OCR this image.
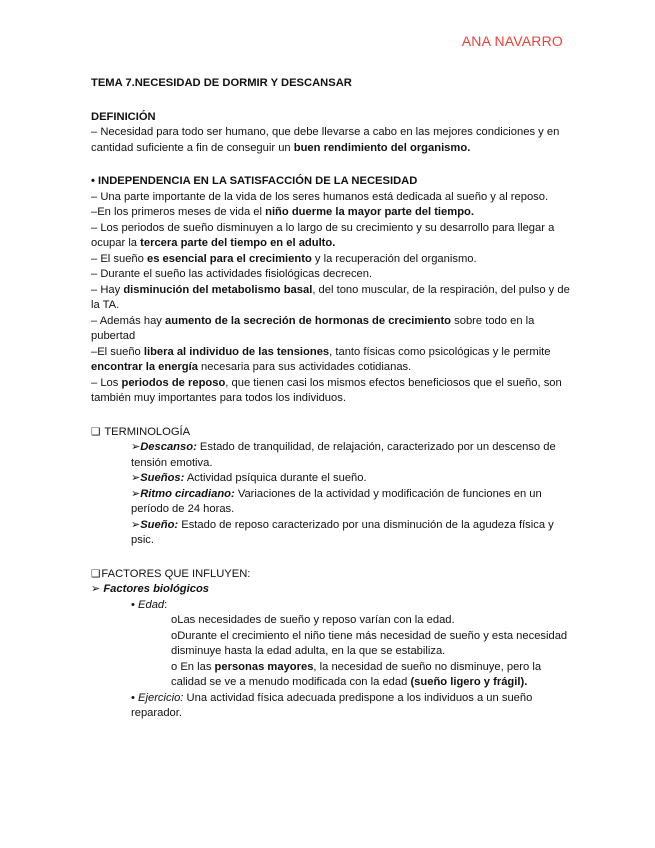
ANA NAVARRO

TEMA 7.NECESIDAD DE DORMIR Y DESCANSAR

DEFINICIÓN

– Necesidad para todo ser humano, que debe llevarse a cabo en las mejores condiciones y en cantidad suficiente a fin de conseguir un buen rendimiento del organismo.

• INDEPENDENCIA EN LA SATISFACCIÓN DE LA NECESIDAD

– Una parte importante de la vida de los seres humanos está dedicada al sueño y al reposo.

–En los primeros meses de vida el niño duerme la mayor parte del tiempo.

– Los periodos de sueño disminuyen a lo largo de su crecimiento y su desarrollo para llegar a ocupar la tercera parte del tiempo en el adulto.

– El sueño es esencial para el crecimiento y la recuperación del organismo.

– Durante el sueño las actividades fisiológicas decrecen.

– Hay disminución del metabolismo basal, del tono muscular, de la respiración, del pulso y de la TA.

– Además hay aumento de la secreción de hormonas de crecimiento sobre todo en la pubertad

–El sueño libera al individuo de las tensiones, tanto físicas como psicológicas y le permite encontrar la energía necesaria para sus actividades cotidianas.

– Los periodos de reposo, que tienen casi los mismos efectos beneficiosos que el sueño, son también muy importantes para todos los individuos.

❑ TERMINOLOGÍA

➢Descanso: Estado de tranquilidad, de relajación, caracterizado por un descenso de tensión emotiva.

➢Sueños: Actividad psíquica durante el sueño.

➢Ritmo circadiano: Variaciones de la actividad y modificación de funciones en un período de 24 horas.

➢Sueño: Estado de reposo caracterizado por una disminución de la agudeza física y psic.

❑FACTORES QUE INFLUYEN:

➢ Factores biológicos

• Edad:

oLas necesidades de sueño y reposo varían con la edad.

oDurante el crecimiento el niño tiene más necesidad de sueño y esta necesidad disminuye hasta la edad adulta, en la que se estabiliza.

o En las personas mayores, la necesidad de sueño no disminuye, pero la calidad se ve a menudo modificada con la edad (sueño ligero y frágil).

• Ejercicio: Una actividad física adecuada predispone a los individuos a un sueño reparador.
